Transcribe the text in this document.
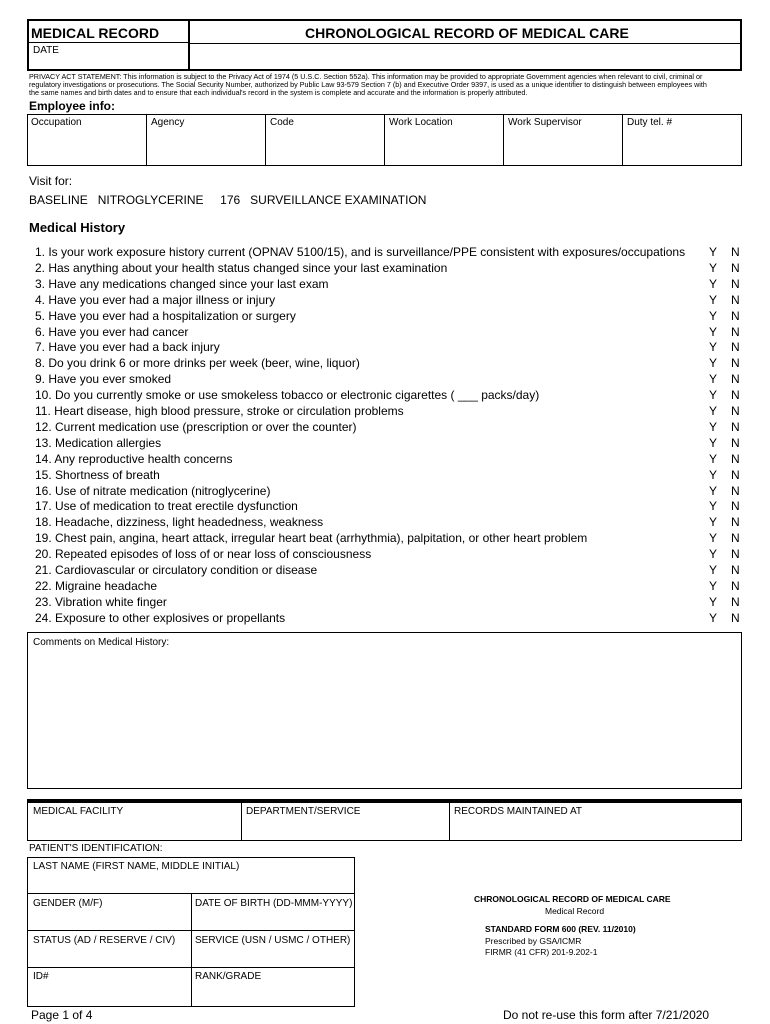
MEDICAL RECORD	CHRONOLOGICAL RECORD OF MEDICAL CARE
DATE
PRIVACY ACT STATEMENT: This information is subject to the Privacy Act of 1974 (5 U.S.C. Section 552a). This information may be provided to appropriate Government agencies when relevant to civil, criminal or
regulatory investigations or prosecutions. The Social Security Number, authorized by Public Law 93-579 Section 7 (b) and Executive Order 9397, is used as a unique identifier to distinguish between employees with
the same names and birth dates and to ensure that each individual's record in the system is complete and accurate and the information is properly attributed.
Employee info:
Occupation	Agency	Code	Work Location	Work Supervisor	Duty tel. #
Visit for:
BASELINE   NITROGLYCERINE     176   SURVEILLANCE EXAMINATION
Medical History
1. Is your work exposure history current (OPNAV 5100/15), and is surveillance/PPE consistent with exposures/occupations Y N
2. Has anything about your health status changed since your last examination	Y N
3. Have any medications changed since your last exam	Y N
4. Have you ever had a major illness or injury	Y N
5. Have you ever had a hospitalization or surgery	Y N
6. Have you ever had cancer	Y N
7. Have you ever had a back injury	Y N
8. Do you drink 6 or more drinks per week (beer, wine, liquor)	Y N
9. Have you ever smoked	Y N
10. Do you currently smoke or use smokeless tobacco or electronic cigarettes ( ___ packs/day)	Y N
11. Heart disease, high blood pressure, stroke or circulation problems	Y N
12. Current medication use (prescription or over the counter)	Y N
13. Medication allergies	Y N
14. Any reproductive health concerns	Y N
15. Shortness of breath	Y N
16. Use of nitrate medication (nitroglycerine)	Y N
17. Use of medication to treat erectile dysfunction	Y N
18. Headache, dizziness, light headedness, weakness	Y N
19. Chest pain, angina, heart attack, irregular heart beat (arrhythmia), palpitation, or other heart problem	Y N
20. Repeated episodes of loss of or near loss of consciousness	Y N
21. Cardiovascular or circulatory condition or disease	Y N
22. Migraine headache	Y N
23. Vibration white finger	Y N
24. Exposure to other explosives or propellants	Y N
Comments on Medical History:
MEDICAL FACILITY	DEPARTMENT/SERVICE	RECORDS MAINTAINED AT
PATIENT'S IDENTIFICATION:
LAST NAME (FIRST NAME, MIDDLE INITIAL)
GENDER (M/F)	DATE OF BIRTH (DD-MMM-YYYY)
STATUS (AD / RESERVE / CIV) SERVICE (USN / USMC / OTHER)
ID#	RANK/GRADE
CHRONOLOGICAL RECORD OF MEDICAL CARE
Medical Record
STANDARD FORM 600 (REV. 11/2010)
Prescribed by GSA/ICMR
FIRMR (41 CFR) 201-9.202-1
Page 1 of 4	Do not re-use this form after 7/21/2020
